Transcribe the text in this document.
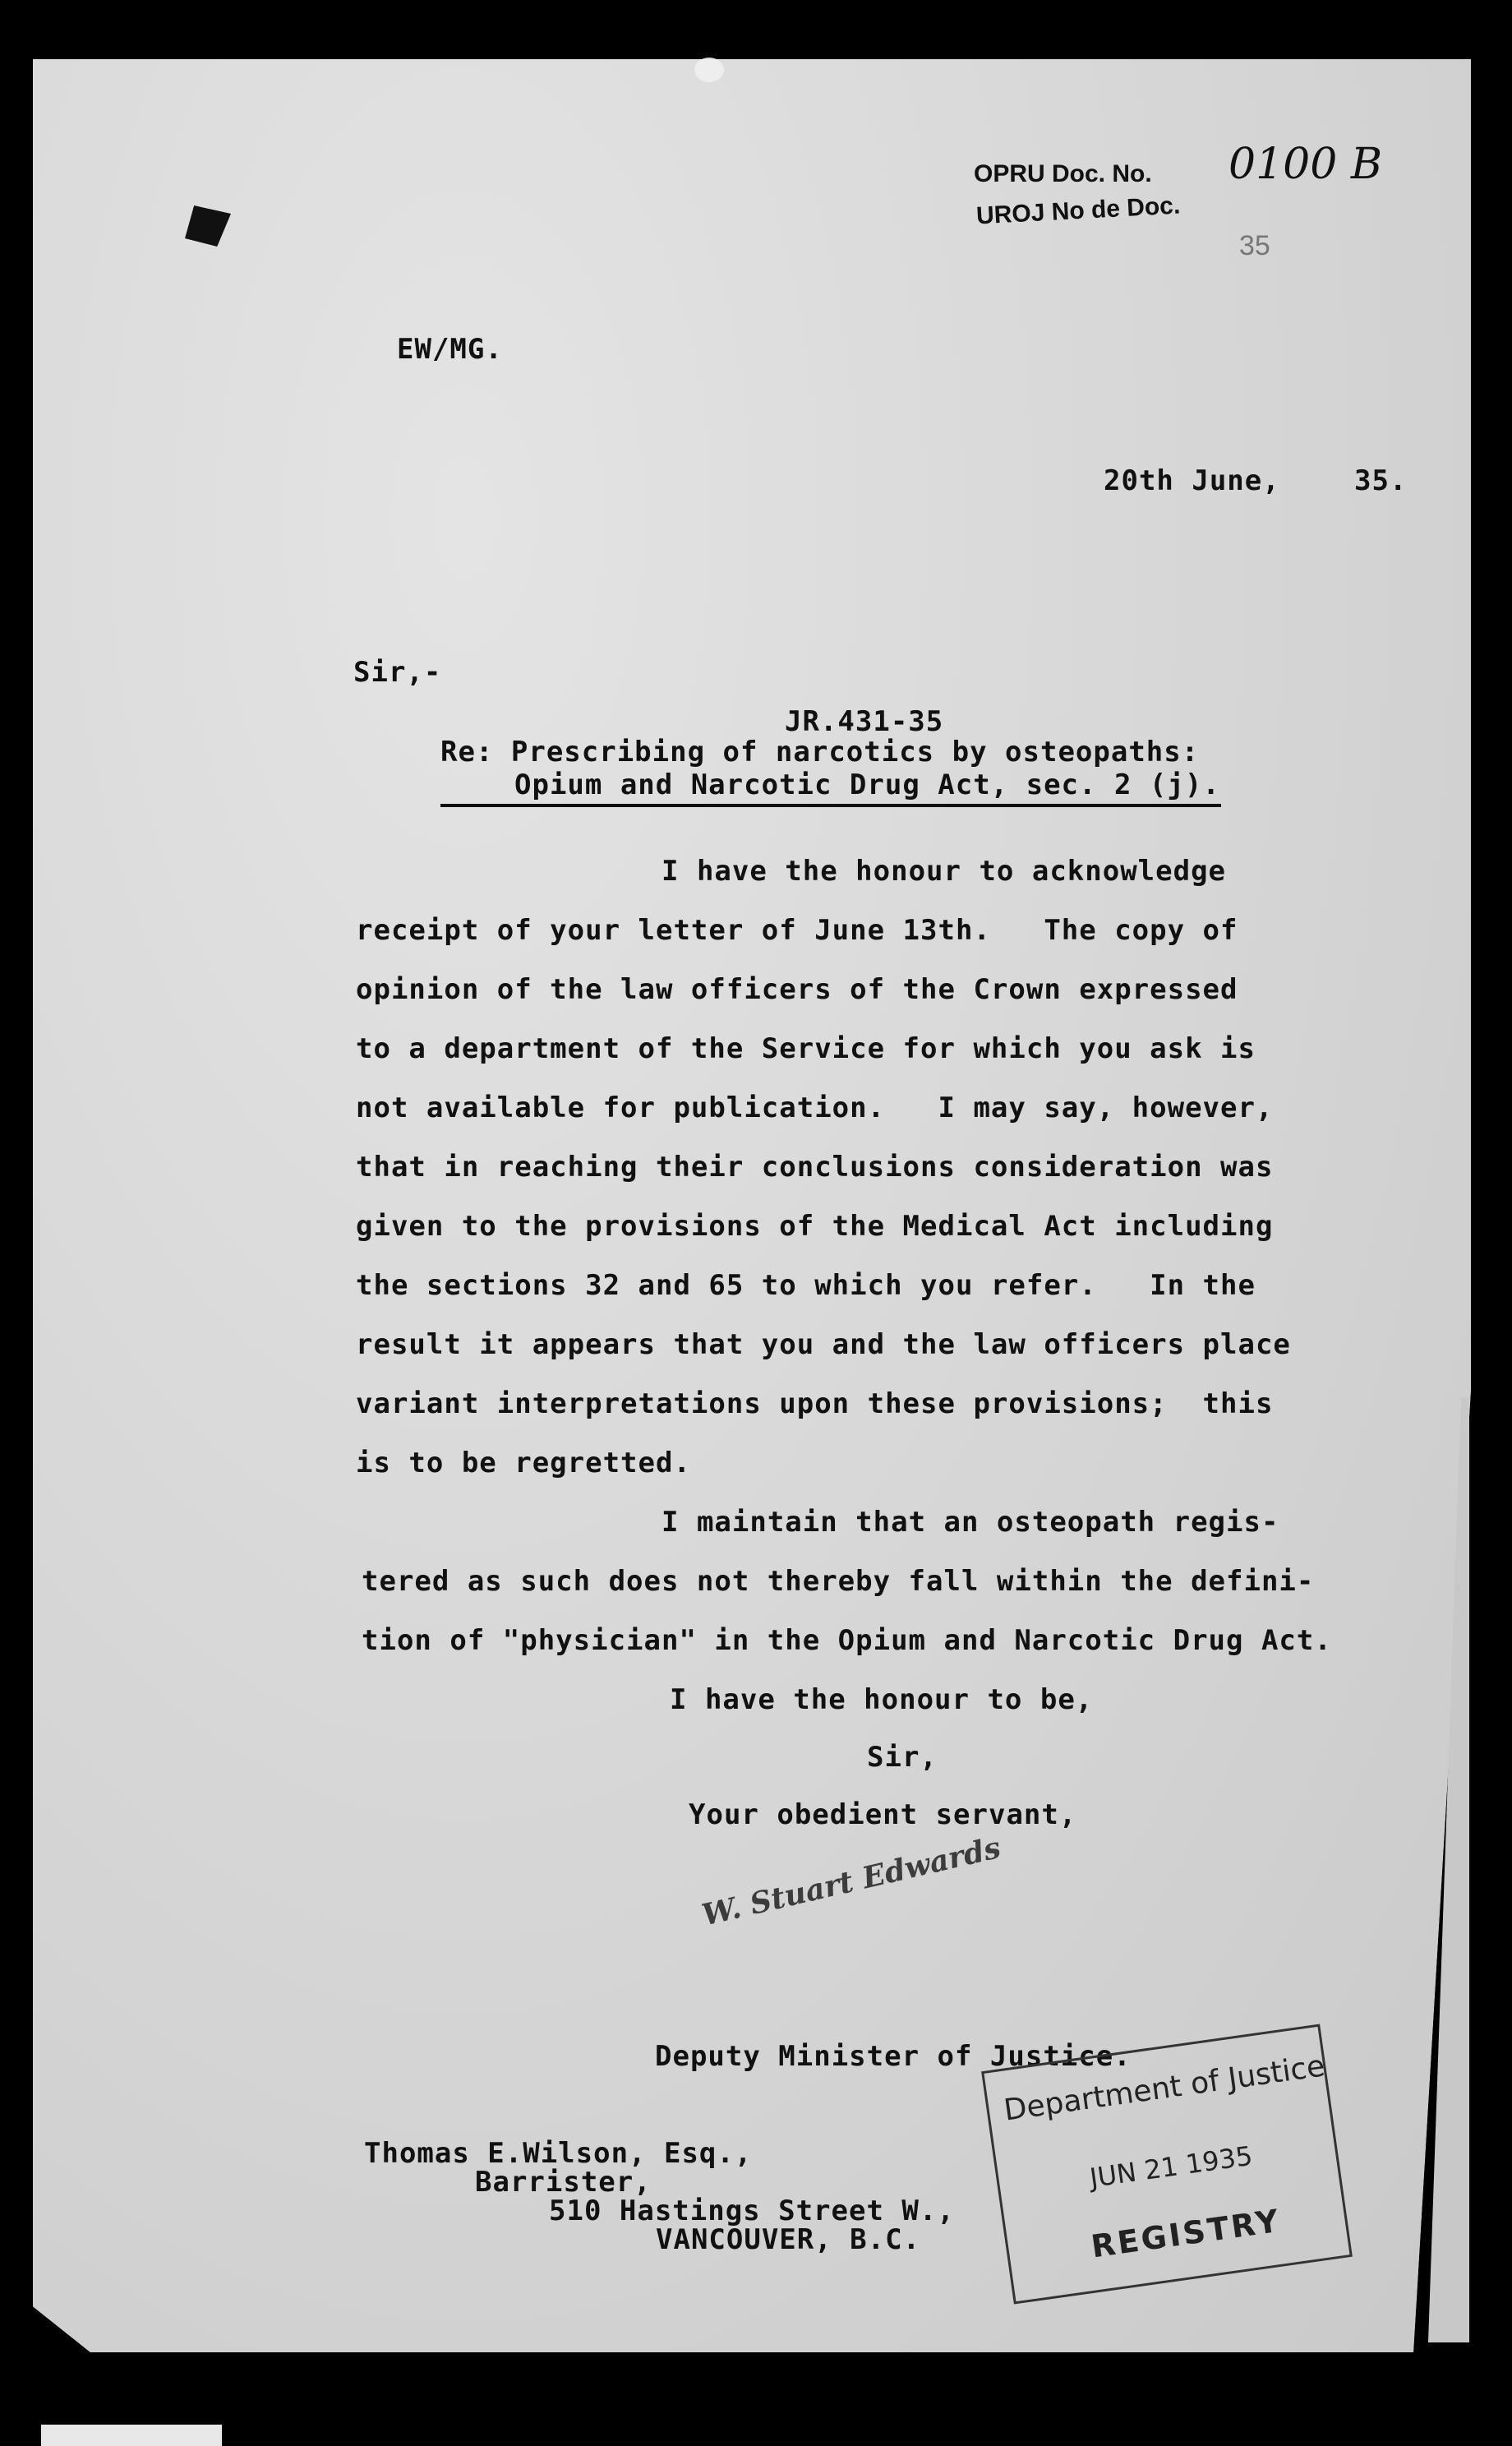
OPRU Doc. No.
UROJ No de Doc.
0100 B
35
EW/MG.
20th June,	35.
Sir,-
JR.431-35
Re: Prescribing of narcotics by osteopaths:
Opium and Narcotic Drug Act, sec. 2 (j).
I have the honour to acknowledge
receipt of your letter of June 13th.   The copy of
opinion of the law officers of the Crown expressed
to a department of the Service for which you ask is
not available for publication.   I may say, however,
that in reaching their conclusions consideration was
given to the provisions of the Medical Act including
the sections 32 and 65 to which you refer.   In the
result it appears that you and the law officers place
variant interpretations upon these provisions;  this
is to be regretted.
I maintain that an osteopath regis-
tered as such does not thereby fall within the defini-
tion of "physician" in the Opium and Narcotic Drug Act.
I have the honour to be,
Sir,
Your obedient servant,
W. Stuart Edwards
Deputy Minister of Justice.
Thomas E.Wilson, Esq.,
Barrister,
510 Hastings Street W.,
VANCOUVER, B.C.
Department of Justice
JUN 21 1935
REGISTRY
